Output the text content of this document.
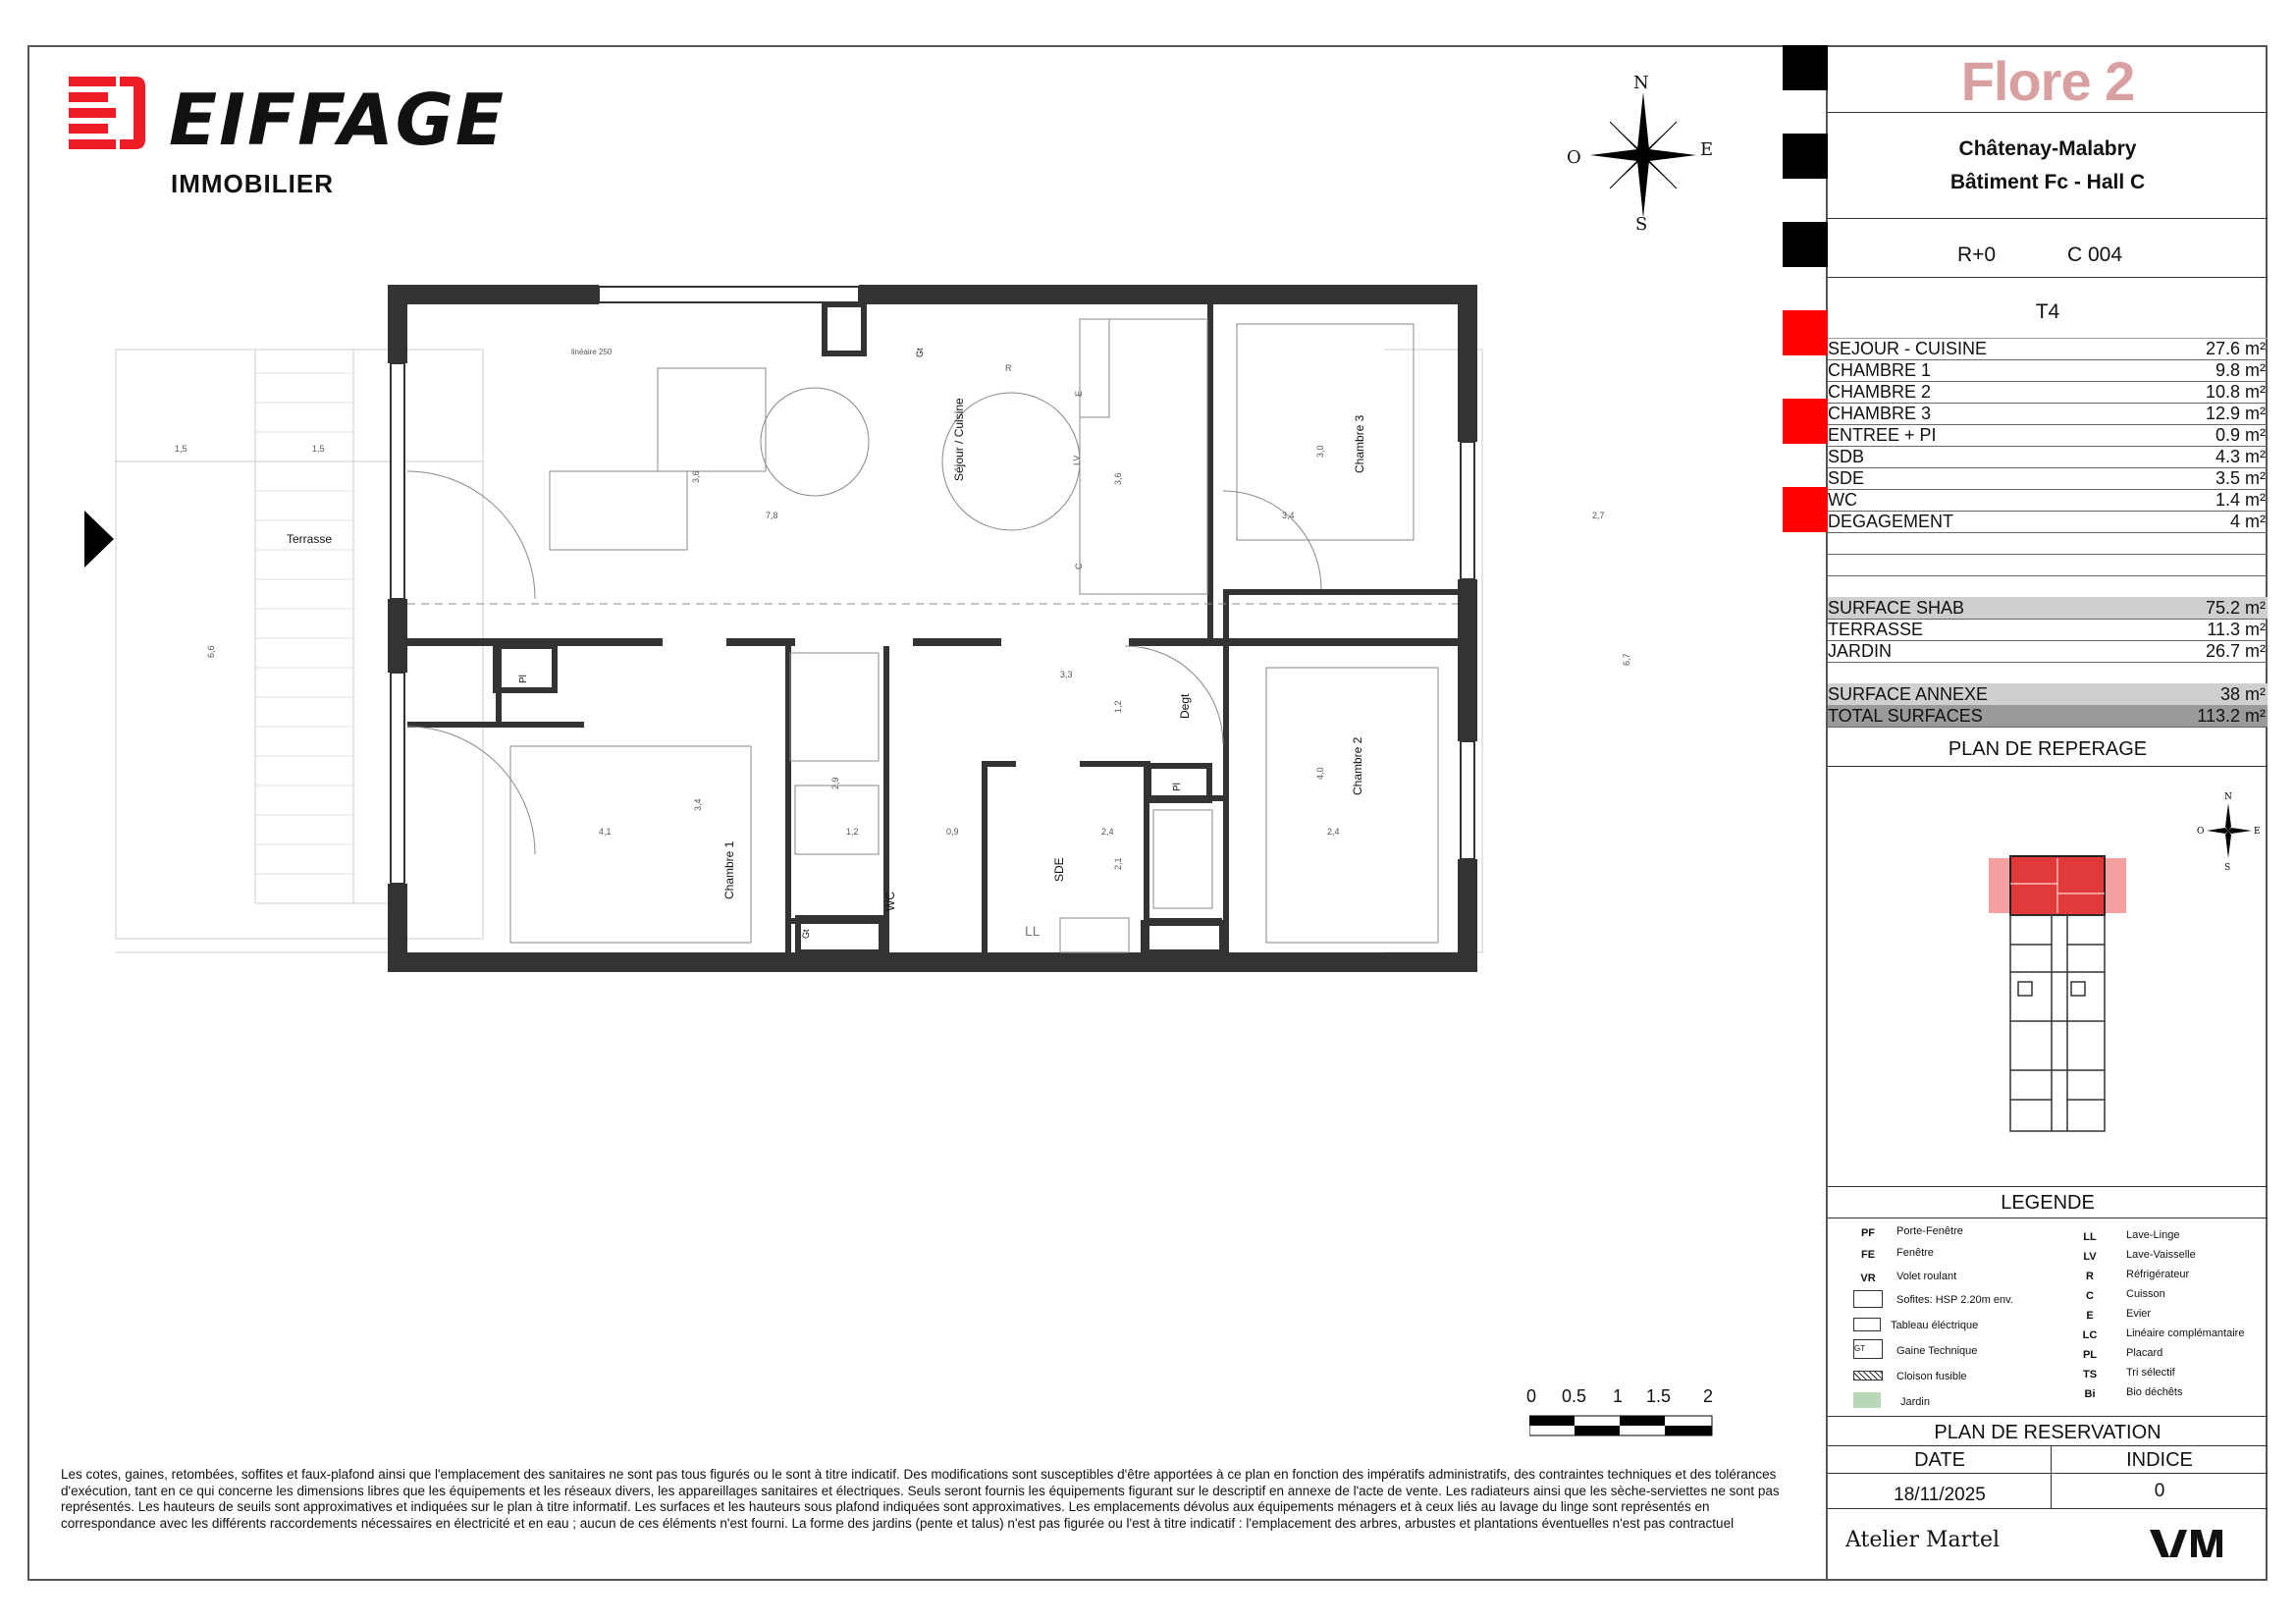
EIFFAGE
IMMOBILIER
N
E
S
O
Terrasse
Séjour / Cuisine	Chambre 3
Chambre 1
Chambre 2
Degt
SDE
WC
Pl
Pl
Gt
Gt	LL
linéaire 250
R
LV
C
E
1,5	1,5
7,8
3,6	3,6
3,0
3,4	2,7
6,7
6,6
4,1
3,4
2,9
1,2	0,9	2,4
2,1
3,3
1,2
4,0
2,4
0 0.5 1 1.5 2
Les cotes, gaines, retombées, soffites et faux-plafond ainsi que l'emplacement des sanitaires ne sont pas tous figurés ou le sont à titre indicatif. Des modifications sont susceptibles d'être apportées à ce plan en fonction des impératifs administratifs, des contraintes techniques et des tolérances d'exécution, tant en ce qui concerne les dimensions libres que les équipements et les réseaux divers, les appareillages sanitaires et électriques. Seuls seront fournis les équipements figurant sur le descriptif en annexe de l'acte de vente. Les radiateurs ainsi que les sèche-serviettes ne sont pas représentés. Les hauteurs de seuils sont approximatives et indiquées sur le plan à titre informatif. Les surfaces et les hauteurs sous plafond indiquées sont approximatives. Les emplacements dévolus aux équipements ménagers et à ceux liés au lavage du linge sont représentés en correspondance avec les différents raccordements nécessaires en électricité et en eau ; aucun de ces éléments n'est fourni. La forme des jardins (pente et talus) n'est pas figurée ou l'est à titre indicatif : l'emplacement des arbres, arbustes et plantations éventuelles n'est pas contractuel
Flore 2
Châtenay-Malabry
Bâtiment Fc - Hall C
R+0	C 004
T4
SEJOUR - CUISINE	27.6 m²
CHAMBRE 1	9.8 m²
CHAMBRE 2	10.8 m²
CHAMBRE 3	12.9 m²
ENTREE + PI	0.9 m²
SDB	4.3 m²
SDE	3.5 m²
WC	1.4 m²
DEGAGEMENT	4 m²
SURFACE SHAB	75.2 m²
TERRASSE	11.3 m²
JARDIN	26.7 m²
SURFACE ANNEXE	38 m²
TOTAL SURFACES	113.2 m²
PLAN DE REPERAGE
N
O	E
S
LEGENDE
PF	Porte-Fenêtre
FE	Fenêtre
VR	Volet roulant
Sofites: HSP 2.20m env.
Tableau éléctrique
GT	Gaine Technique
Cloison fusible
Jardin
LL	Lave-Linge
LV	Lave-Vaisselle
R	Réfrigérateur
C	Cuisson
E	Evier
LC	Linéaire complémantaire
PL	Placard
TS	Tri sélectif
Bi	Bio déchêts
PLAN DE RESERVATION
DATE	INDICE
18/11/2025	0
Atelier Martel
